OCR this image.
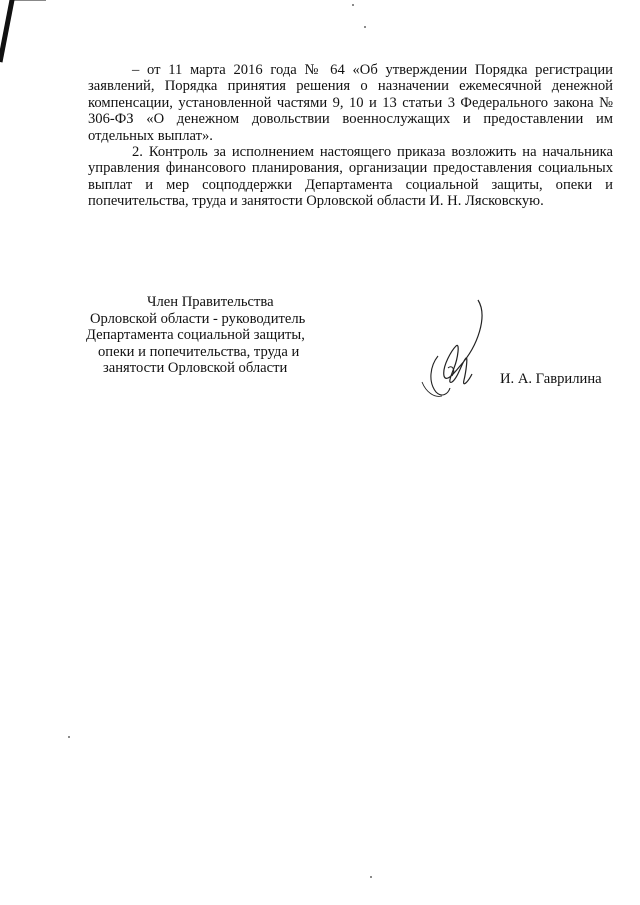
– от 11 марта 2016 года № 64 «Об утверждении Порядка регистрации заявлений, Порядка принятия решения о назначении ежемесячной денежной компенсации, установленной частями 9, 10 и 13 статьи 3 Федерального закона № 306-ФЗ «О денежном довольствии военнослужащих и предоставлении им отдельных выплат».

2. Контроль за исполнением настоящего приказа возложить на начальника управления финансового планирования, организации предоставления социальных выплат и мер соцподдержки Департамента социальной защиты, опеки и попечительства, труда и занятости Орловской области И. Н. Лясковскую.

Член Правительства
Орловской области - руководитель
Департамента социальной защиты,
опеки и попечительства, труда и
занятости Орловской области
И. А. Гаврилина
